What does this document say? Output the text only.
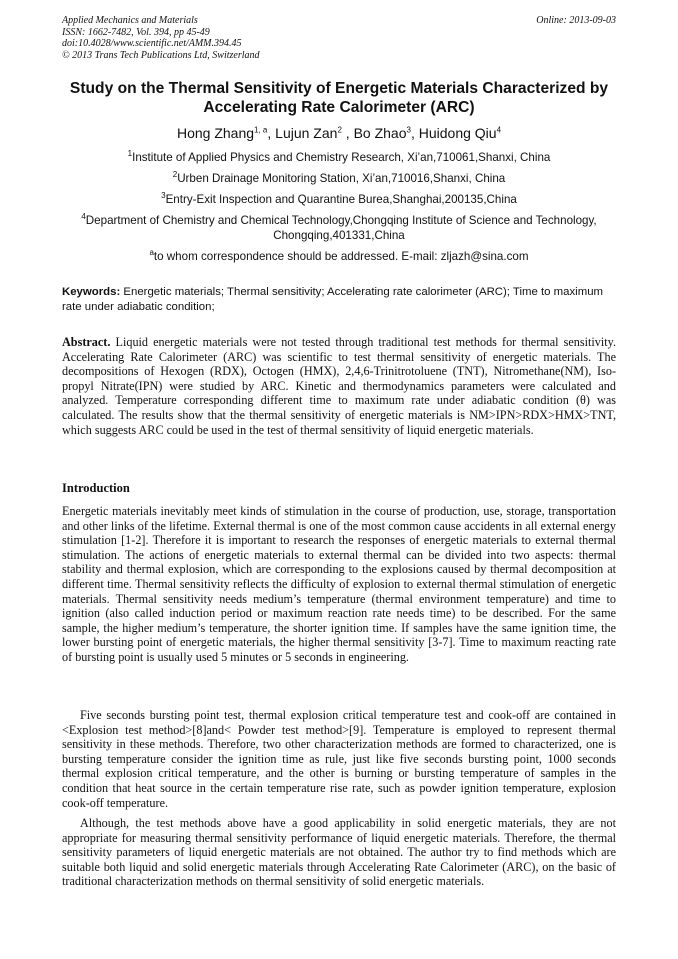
Applied Mechanics and Materials
ISSN: 1662-7482, Vol. 394, pp 45-49
doi:10.4028/www.scientific.net/AMM.394.45
© 2013 Trans Tech Publications Ltd, Switzerland
Online: 2013-09-03
Study on the Thermal Sensitivity of Energetic Materials Characterized by Accelerating Rate Calorimeter (ARC)
Hong Zhang$^{1, a}$, Lujun Zan$^2$ , Bo Zhao$^3$, Huidong Qiu$^4$
$^1$Institute of Applied Physics and Chemistry Research, Xi’an,710061,Shanxi, China
$^2$Urben Drainage Monitoring Station, Xi’an,710016,Shanxi, China
$^3$Entry-Exit Inspection and Quarantine Burea,Shanghai,200135,China
$^4$Department of Chemistry and Chemical Technology,Chongqing Institute of Science and Technology, Chongqing,401331,China
$^a$to whom correspondence should be addressed. E-mail: zljazh@sina.com
Keywords: Energetic materials; Thermal sensitivity; Accelerating rate calorimeter (ARC); Time to maximum rate under adiabatic condition;
Abstract. Liquid energetic materials were not tested through traditional test methods for thermal sensitivity. Accelerating Rate Calorimeter (ARC) was scientific to test thermal sensitivity of energetic materials. The decompositions of Hexogen (RDX), Octogen (HMX), 2,4,6-Trinitrotoluene (TNT), Nitromethane(NM), Iso-propyl Nitrate(IPN) were studied by ARC. Kinetic and thermodynamics parameters were calculated and analyzed. Temperature corresponding different time to maximum rate under adiabatic condition (θ) was calculated. The results show that the thermal sensitivity of energetic materials is NM>IPN>RDX>HMX>TNT, which suggests ARC could be used in the test of thermal sensitivity of liquid energetic materials.
Introduction
Energetic materials inevitably meet kinds of stimulation in the course of production, use, storage, transportation and other links of the lifetime. External thermal is one of the most common cause accidents in all external energy stimulation [1-2]. Therefore it is important to research the responses of energetic materials to external thermal stimulation. The actions of energetic materials to external thermal can be divided into two aspects: thermal stability and thermal explosion, which are corresponding to the explosions caused by thermal decomposition at different time. Thermal sensitivity reflects the difficulty of explosion to external thermal stimulation of energetic materials. Thermal sensitivity needs medium’s temperature (thermal environment temperature) and time to ignition (also called induction period or maximum reaction rate needs time) to be described. For the same sample, the higher medium’s temperature, the shorter ignition time. If samples have the same ignition time, the lower bursting point of energetic materials, the higher thermal sensitivity [3-7]. Time to maximum reacting rate of bursting point is usually used 5 minutes or 5 seconds in engineering.
Five seconds bursting point test, thermal explosion critical temperature test and cook-off are contained in <Explosion test method>[8]and< Powder test method>[9]. Temperature is employed to represent thermal sensitivity in these methods. Therefore, two other characterization methods are formed to characterized, one is bursting temperature consider the ignition time as rule, just like five seconds bursting point, 1000 seconds thermal explosion critical temperature, and the other is burning or bursting temperature of samples in the condition that heat source in the certain temperature rise rate, such as powder ignition temperature, explosion cook-off temperature.
Although, the test methods above have a good applicability in solid energetic materials, they are not appropriate for measuring thermal sensitivity performance of liquid energetic materials. Therefore, the thermal sensitivity parameters of liquid energetic materials are not obtained. The author try to find methods which are suitable both liquid and solid energetic materials through Accelerating Rate Calorimeter (ARC), on the basic of traditional characterization methods on thermal sensitivity of solid energetic materials.
